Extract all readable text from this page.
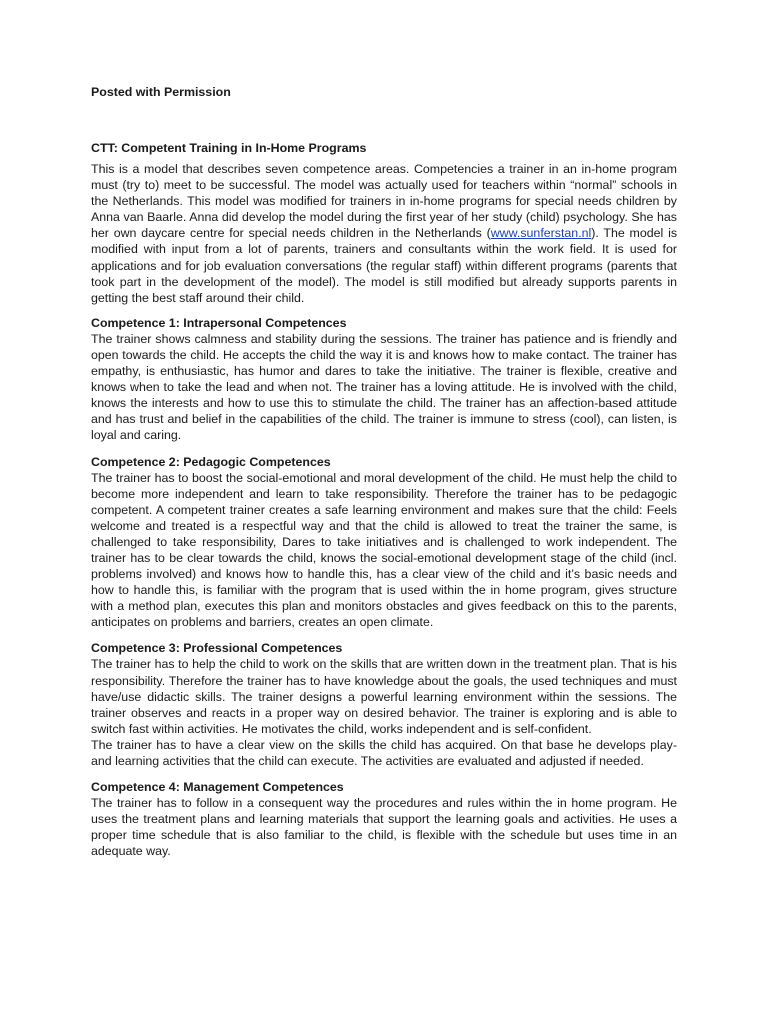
Posted with Permission

CTT: Competent Training in In-Home Programs

This is a model that describes seven competence areas. Competencies a trainer in an in-home program must (try to) meet to be successful. The model was actually used for teachers within “normal” schools in the Netherlands. This model was modified for trainers in in-home programs for special needs children by Anna van Baarle. Anna did develop the model during the first year of her study (child) psychology. She has her own daycare centre for special needs children in the Netherlands (www.sunferstan.nl). The model is modified with input from a lot of parents, trainers and consultants within the work field. It is used for applications and for job evaluation conversations (the regular staff) within different programs (parents that took part in the development of the model). The model is still modified but already supports parents in getting the best staff around their child.

Competence 1: Intrapersonal Competences

The trainer shows calmness and stability during the sessions. The trainer has patience and is friendly and open towards the child. He accepts the child the way it is and knows how to make contact. The trainer has empathy, is enthusiastic, has humor and dares to take the initiative. The trainer is flexible, creative and knows when to take the lead and when not. The trainer has a loving attitude. He is involved with the child, knows the interests and how to use this to stimulate the child. The trainer has an affection-based attitude and has trust and belief in the capabilities of the child. The trainer is immune to stress (cool), can listen, is loyal and caring.

Competence 2: Pedagogic Competences

The trainer has to boost the social-emotional and moral development of the child. He must help the child to become more independent and learn to take responsibility. Therefore the trainer has to be pedagogic competent. A competent trainer creates a safe learning environment and makes sure that the child: Feels welcome and treated is a respectful way and that the child is allowed to treat the trainer the same, is challenged to take responsibility, Dares to take initiatives and is challenged to work independent. The trainer has to be clear towards the child, knows the social-emotional development stage of the child (incl. problems involved) and knows how to handle this, has a clear view of the child and it’s basic needs and how to handle this, is familiar with the program that is used within the in home program, gives structure with a method plan, executes this plan and monitors obstacles and gives feedback on this to the parents, anticipates on problems and barriers, creates an open climate.

Competence 3: Professional Competences

The trainer has to help the child to work on the skills that are written down in the treatment plan. That is his responsibility. Therefore the trainer has to have knowledge about the goals, the used techniques and must have/use didactic skills. The trainer designs a powerful learning environment within the sessions. The trainer observes and reacts in a proper way on desired behavior. The trainer is exploring and is able to switch fast within activities. He motivates the child, works independent and is self-confident.

The trainer has to have a clear view on the skills the child has acquired. On that base he develops play- and learning activities that the child can execute. The activities are evaluated and adjusted if needed.

Competence 4: Management Competences

The trainer has to follow in a consequent way the procedures and rules within the in home program. He uses the treatment plans and learning materials that support the learning goals and activities. He uses a proper time schedule that is also familiar to the child, is flexible with the schedule but uses time in an adequate way.
